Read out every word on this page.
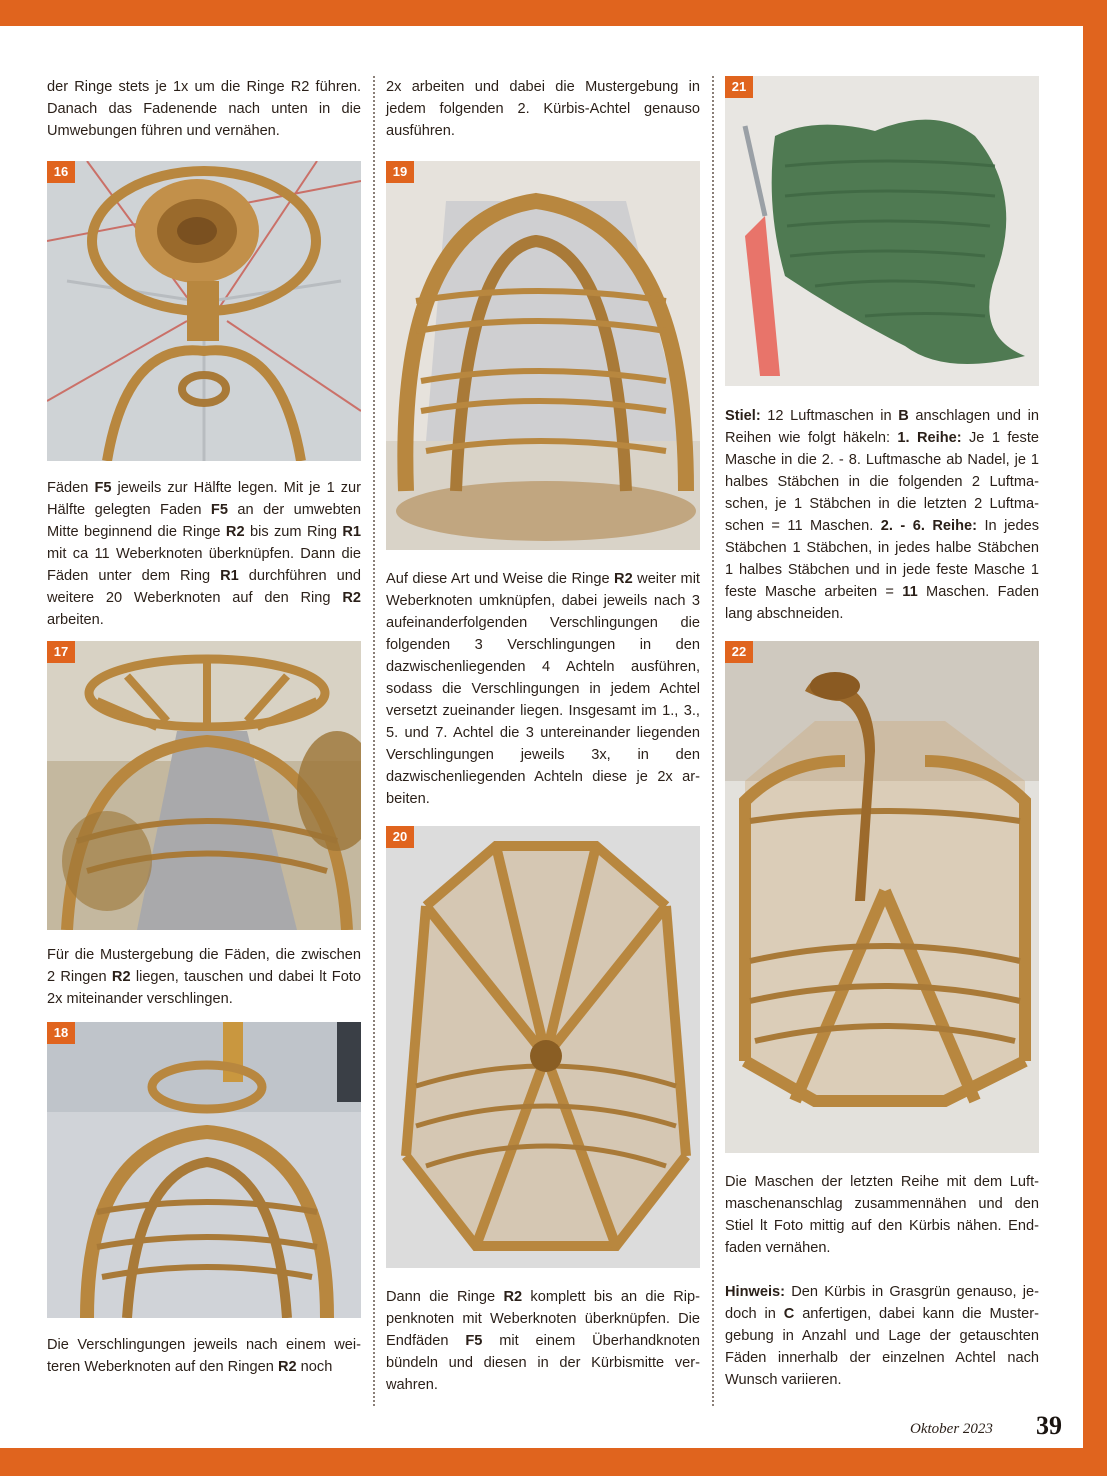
der Ringe stets je 1x um die Ringe R2 führen. Danach das Fadenende nach unten in die Umwebungen führen und vernähen.

16

Fäden F5 jeweils zur Hälfte legen. Mit je 1 zur Hälfte gelegten Faden F5 an der umwebten Mitte beginnend die Ringe R2 bis zum Ring R1 mit ca 11 Weberknoten überknüpfen. Dann die Fäden unter dem Ring R1 durchführen und weitere 20 Weberknoten auf den Ring R2 arbeiten.

17

Für die Mustergebung die Fäden, die zwischen 2 Ringen R2 liegen, tauschen und dabei lt Foto 2x miteinander verschlingen.

18

Die Verschlingungen jeweils nach einem weiteren Weberknoten auf den Ringen R2 noch

2x arbeiten und dabei die Mustergebung in jedem folgenden 2. Kürbis-Achtel genauso ausführen.

19

Auf diese Art und Weise die Ringe R2 weiter mit Weberknoten umknüpfen, dabei jeweils nach 3 aufeinanderfolgenden Verschlingungen die folgenden 3 Verschlingungen in den dazwischenliegenden 4 Achteln ausführen, sodass die Verschlingungen in jedem Achtel versetzt zueinander liegen. Insgesamt im 1., 3., 5. und 7. Achtel die 3 untereinander liegenden Verschlingungen jeweils 3x, in den dazwischenliegenden Achteln diese je 2x arbeiten.

20

Dann die Ringe R2 komplett bis an die Rippenknoten mit Weberknoten überknüpfen. Die Endfäden F5 mit einem Überhandknoten bündeln und diesen in der Kürbismitte verwahren.

21

Stiel: 12 Luftmaschen in B anschlagen und in Reihen wie folgt häkeln: 1. Reihe: Je 1 feste Masche in die 2. - 8. Luftmasche ab Nadel, je 1 halbes Stäbchen in die folgenden 2 Luftmaschen, je 1 Stäbchen in die letzten 2 Luftmaschen = 11 Maschen. 2. - 6. Reihe: In jedes Stäbchen 1 Stäbchen, in jedes halbe Stäbchen 1 halbes Stäbchen und in jede feste Masche 1 feste Masche arbeiten = 11 Maschen. Faden lang abschneiden.

22

Die Maschen der letzten Reihe mit dem Luftmaschenanschlag zusammennähen und den Stiel lt Foto mittig auf den Kürbis nähen. Endfaden vernähen.

Hinweis: Den Kürbis in Grasgrün genauso, jedoch in C anfertigen, dabei kann die Mustergebung in Anzahl und Lage der getauschten Fäden innerhalb der einzelnen Achtel nach Wunsch variieren.

Oktober 2023 39
